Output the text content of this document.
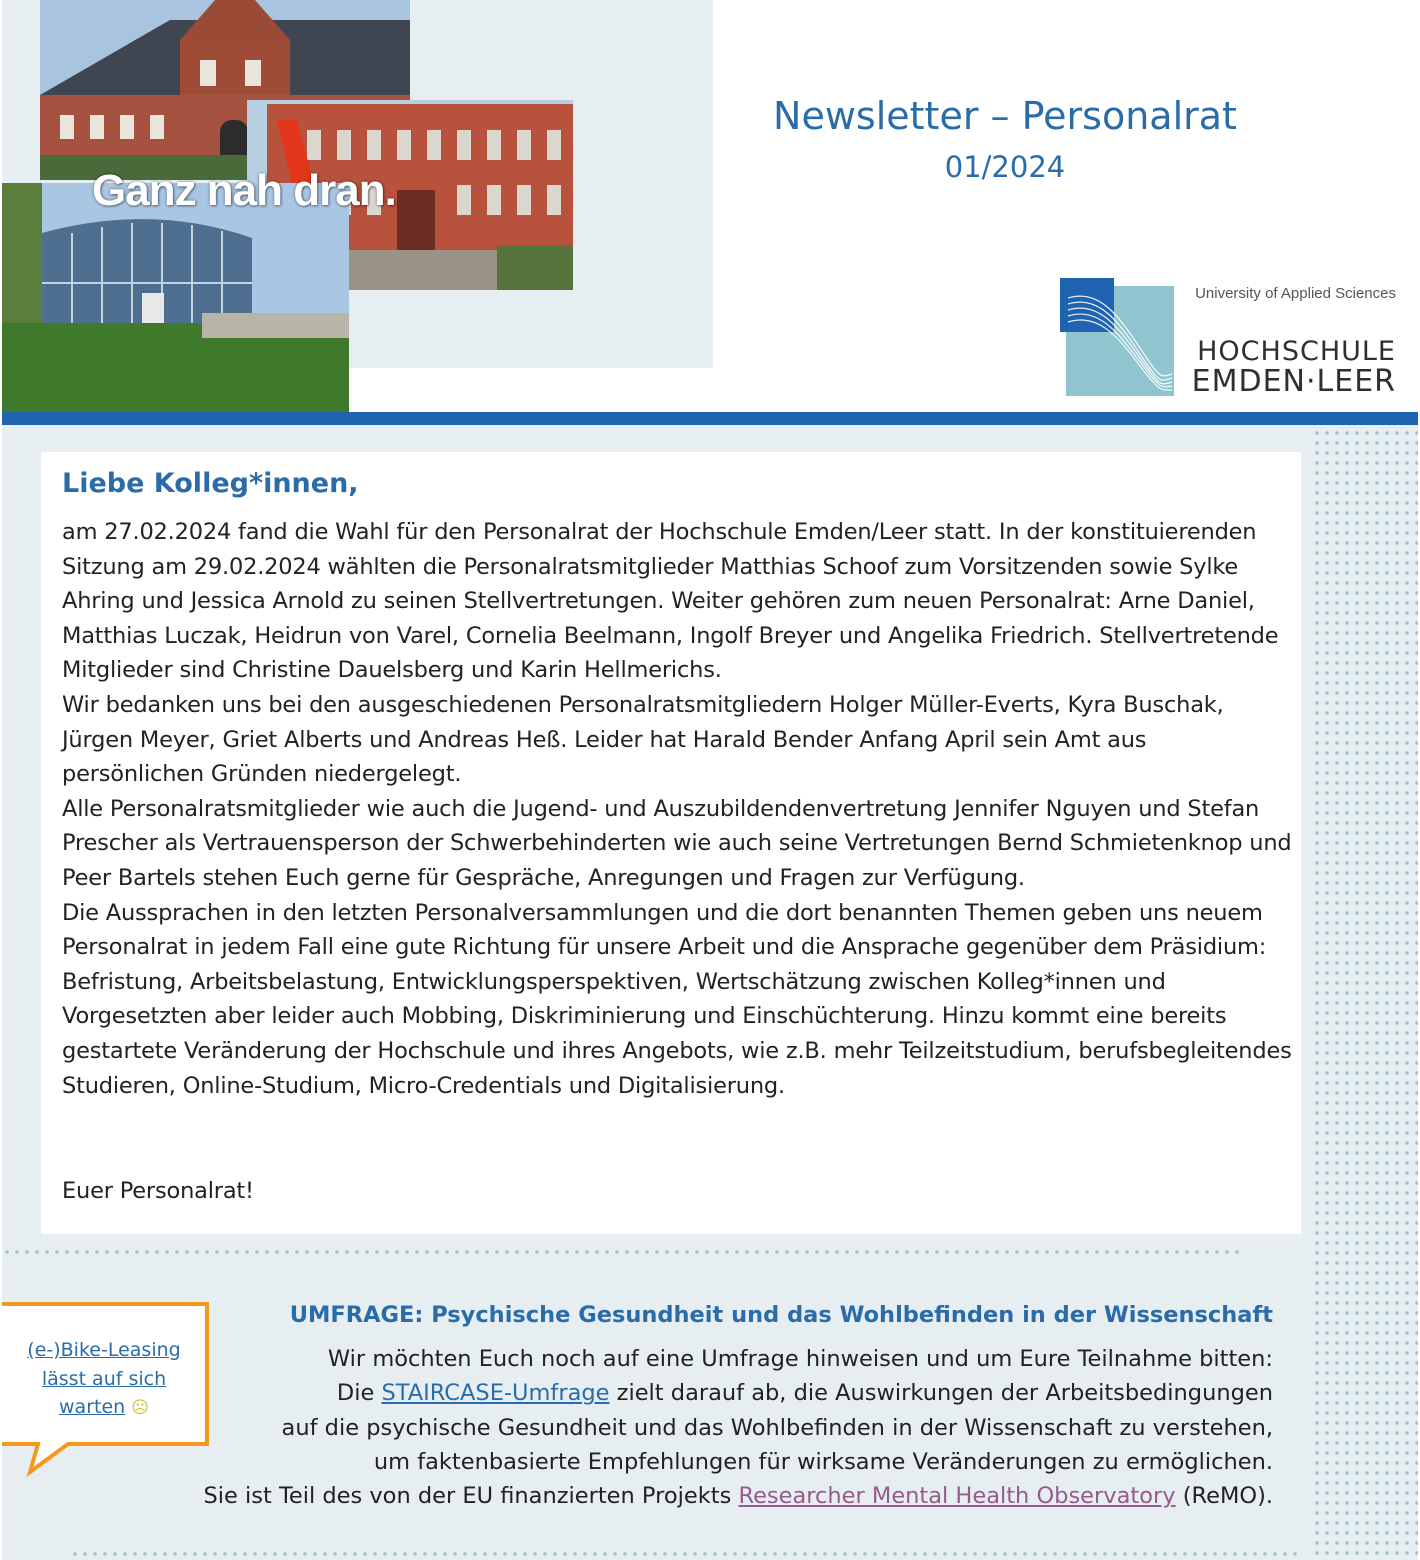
Ganz nah dran.
Newsletter – Personalrat
01/2024
University of Applied Sciences
HOCHSCHULE
EMDEN·LEER
Liebe Kolleg*innen,

am 27.02.2024 fand die Wahl für den Personalrat der Hochschule Emden/Leer statt. In der konstituierenden Sitzung am 29.02.2024 wählten die Personalratsmitglieder Matthias Schoof zum Vorsitzenden sowie Sylke Ahring und Jessica Arnold zu seinen Stellvertretungen. Weiter gehören zum neuen Personalrat: Arne Daniel, Matthias Luczak, Heidrun von Varel, Cornelia Beelmann, Ingolf Breyer und Angelika Friedrich. Stellvertretende Mitglieder sind Christine Dauelsberg und Karin Hellmerichs.

Wir bedanken uns bei den ausgeschiedenen Personalratsmitgliedern Holger Müller-Everts, Kyra Buschak, Jürgen Meyer, Griet Alberts und Andreas Heß. Leider hat Harald Bender Anfang April sein Amt aus persönlichen Gründen niedergelegt.

Alle Personalratsmitglieder wie auch die Jugend- und Auszubildendenvertretung Jennifer Nguyen und Stefan Prescher als Vertrauensperson der Schwerbehinderten wie auch seine Vertretungen Bernd Schmietenknop und Peer Bartels stehen Euch gerne für Gespräche, Anregungen und Fragen zur Verfügung.

Die Aussprachen in den letzten Personalversammlungen und die dort benannten Themen geben uns neuem Personalrat in jedem Fall eine gute Richtung für unsere Arbeit und die Ansprache gegenüber dem Präsidium: Befristung, Arbeitsbelastung, Entwicklungsperspektiven, Wertschätzung zwischen Kolleg*innen und Vorgesetzten aber leider auch Mobbing, Diskriminierung und Einschüchterung. Hinzu kommt eine bereits gestartete Veränderung der Hochschule und ihres Angebots, wie z.B. mehr Teilzeitstudium, berufsbegleitendes Studieren, Online-Studium, Micro-Credentials und Digitalisierung.

Euer Personalrat!
UMFRAGE: Psychische Gesundheit und das Wohlbefinden in der Wissenschaft
Wir möchten Euch noch auf eine Umfrage hinweisen und um Eure Teilnahme bitten:
Die STAIRCASE-Umfrage zielt darauf ab, die Auswirkungen der Arbeitsbedingungen
auf die psychische Gesundheit und das Wohlbefinden in der Wissenschaft zu verstehen,
um faktenbasierte Empfehlungen für wirksame Veränderungen zu ermöglichen.
Sie ist Teil des von der EU finanzierten Projekts Researcher Mental Health Observatory (ReMO).
(e-)Bike-Leasing
lässt auf sich
warten ☹
